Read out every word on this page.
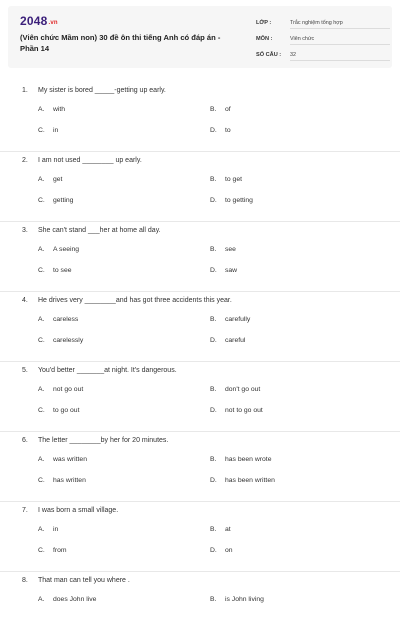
2048.vn
(Viên chức Mầm non) 30 đề ôn thi tiếng Anh có đáp án - Phần 14
LỚP :	Trắc nghiệm tổng hợp
MÔN :	Viên chức
SỐ CÂU : 32
1. My sister is bored _____-getting up early.
A. with	B. of
C. in	D. to
2. I am not used ________ up early.
A. get	B. to get
C. getting	D. to getting
3. She can't stand ___her at home all day.
A. A seeing	B. see
C. to see	D. saw
4. He drives very ________and has got three accidents this year.
A. careless	B. carefully
C. carelessly	D. careful
5. You'd better _______at night. It's dangerous.
A. not go out	B. don't go out
C. to go out	D. not to go out
6. The letter ________by her for 20 minutes.
A. was written	B. has been wrote
C. has written	D. has been written
7. I was born a small village.
A. in	B. at
C. from	D. on
8. That man can tell you where .
A. does John live	B. is John living
